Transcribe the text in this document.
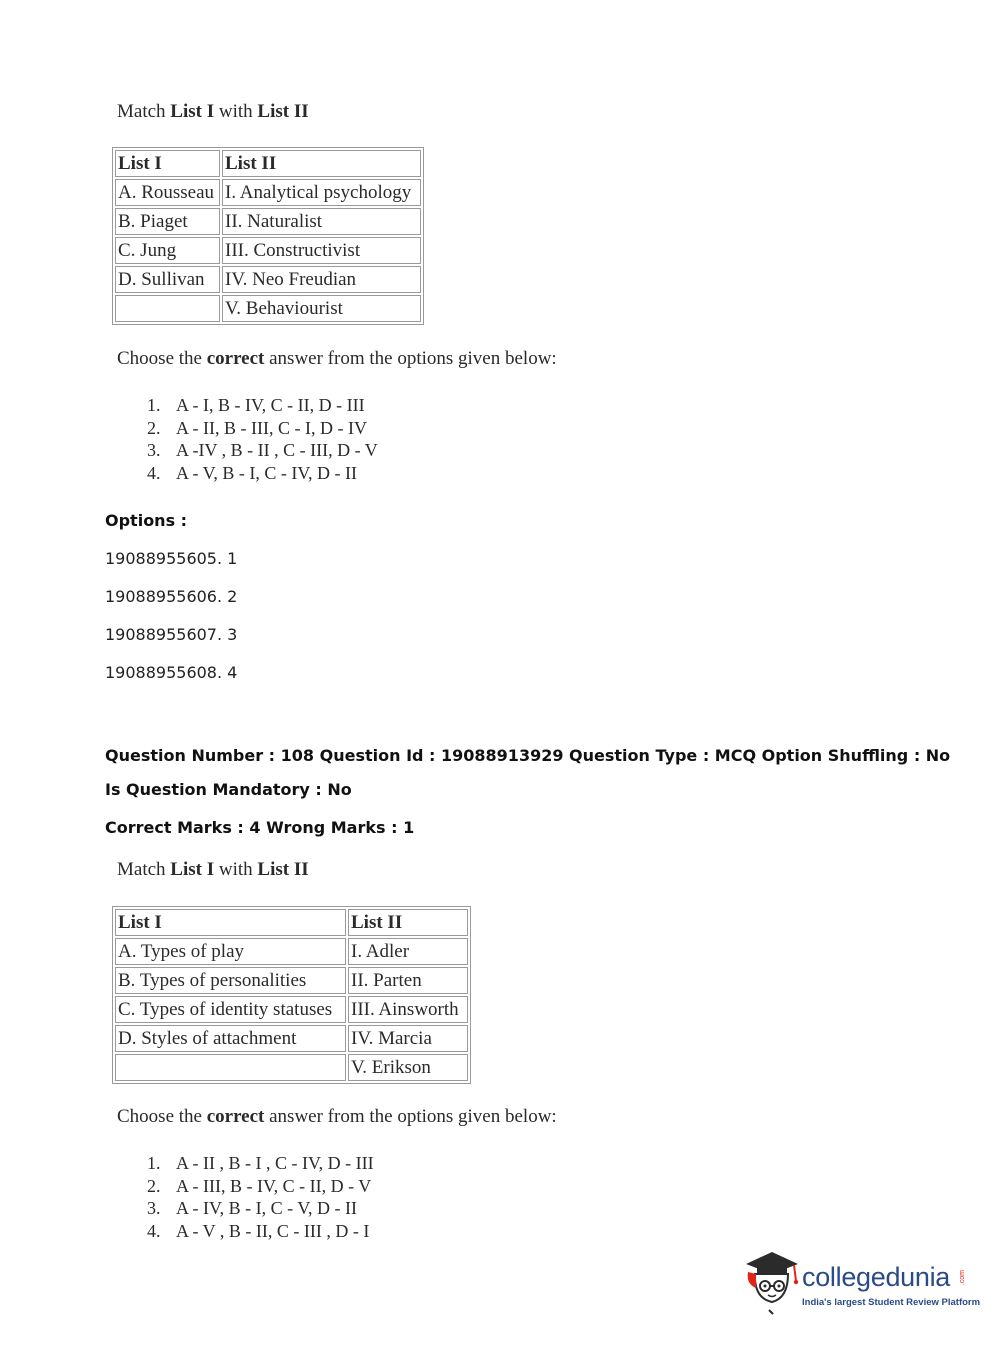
Match List I with List II
List I	List II
A. Rousseau	I. Analytical psychology
B. Piaget	II. Naturalist
C. Jung	III. Constructivist
D. Sullivan	IV. Neo Freudian
	V. Behaviourist
Choose the correct answer from the options given below:
1. A - I, B - IV, C - II, D - III
2. A - II, B - III, C - I, D - IV
3. A -IV , B - II , C - III, D - V
4. A - V, B - I, C - IV, D - II
Options :
19088955605. 1
19088955606. 2
19088955607. 3
19088955608. 4
Question Number : 108 Question Id : 19088913929 Question Type : MCQ Option Shuffling : No
Is Question Mandatory : No
Correct Marks : 4 Wrong Marks : 1
Match List I with List II
List I	List II
A. Types of play	I. Adler
B. Types of personalities	II. Parten
C. Types of identity statuses	III. Ainsworth
D. Styles of attachment	IV. Marcia
	V. Erikson
Choose the correct answer from the options given below:
1. A - II , B - I , C - IV, D - III
2. A - III, B - IV, C - II, D - V
3. A - IV, B - I, C - V, D - II
4. A - V , B - II, C - III , D - I
collegedunia .com
India's largest Student Review Platform
